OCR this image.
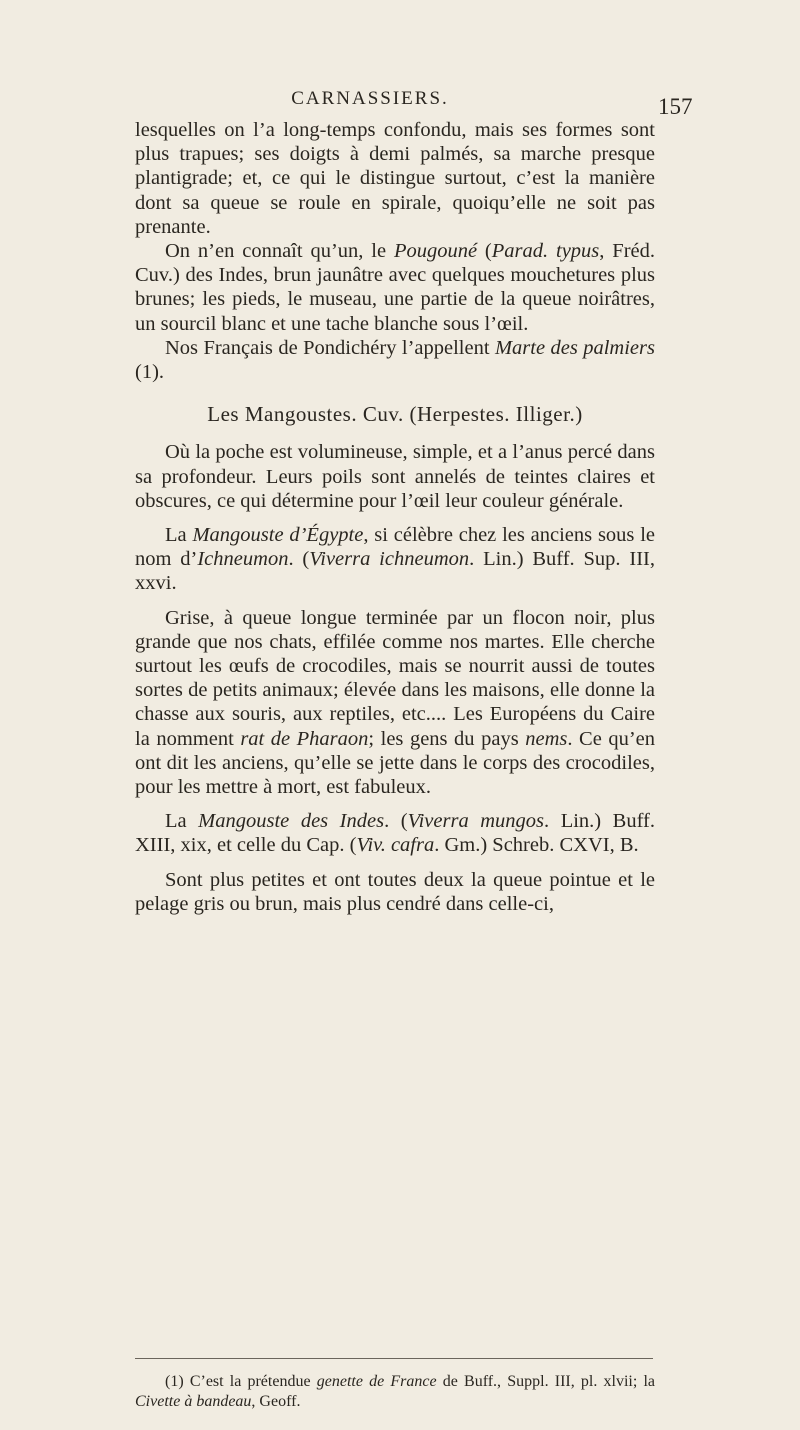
CARNASSIERS.	157

lesquelles on l’a long-temps confondu, mais ses formes sont plus trapues; ses doigts à demi palmés, sa marche presque plantigrade; et, ce qui le distingue surtout, c’est la manière dont sa queue se roule en spirale, quoiqu’elle ne soit pas prenante.

On n’en connaît qu’un, le Pougouné (Parad. typus, Fréd. Cuv.) des Indes, brun jaunâtre avec quelques mouchetures plus brunes; les pieds, le museau, une partie de la queue noirâtres, un sourcil blanc et une tache blanche sous l’œil.

Nos Français de Pondichéry l’appellent Marte des palmiers (1).

Les Mangoustes. Cuv. (Herpestes. Illiger.)

Où la poche est volumineuse, simple, et a l’anus percé dans sa profondeur. Leurs poils sont annelés de teintes claires et obscures, ce qui détermine pour l’œil leur couleur générale.

La Mangouste d’Égypte, si célèbre chez les anciens sous le nom d’Ichneumon. (Viverra ichneumon. Lin.) Buff. Sup. III, xxvi.

Grise, à queue longue terminée par un flocon noir, plus grande que nos chats, effilée comme nos martes. Elle cherche surtout les œufs de crocodiles, mais se nourrit aussi de toutes sortes de petits animaux; élevée dans les maisons, elle donne la chasse aux souris, aux reptiles, etc.... Les Européens du Caire la nomment rat de Pharaon; les gens du pays nems. Ce qu’en ont dit les anciens, qu’elle se jette dans le corps des crocodiles, pour les mettre à mort, est fabuleux.

La Mangouste des Indes. (Viverra mungos. Lin.) Buff. XIII, xix, et celle du Cap. (Viv. cafra. Gm.) Schreb. CXVI, B.

Sont plus petites et ont toutes deux la queue pointue et le pelage gris ou brun, mais plus cendré dans celle-ci,

(1) C’est la prétendue genette de France de Buff., Suppl. III, pl. xlvii; la Civette à bandeau, Geoff.
